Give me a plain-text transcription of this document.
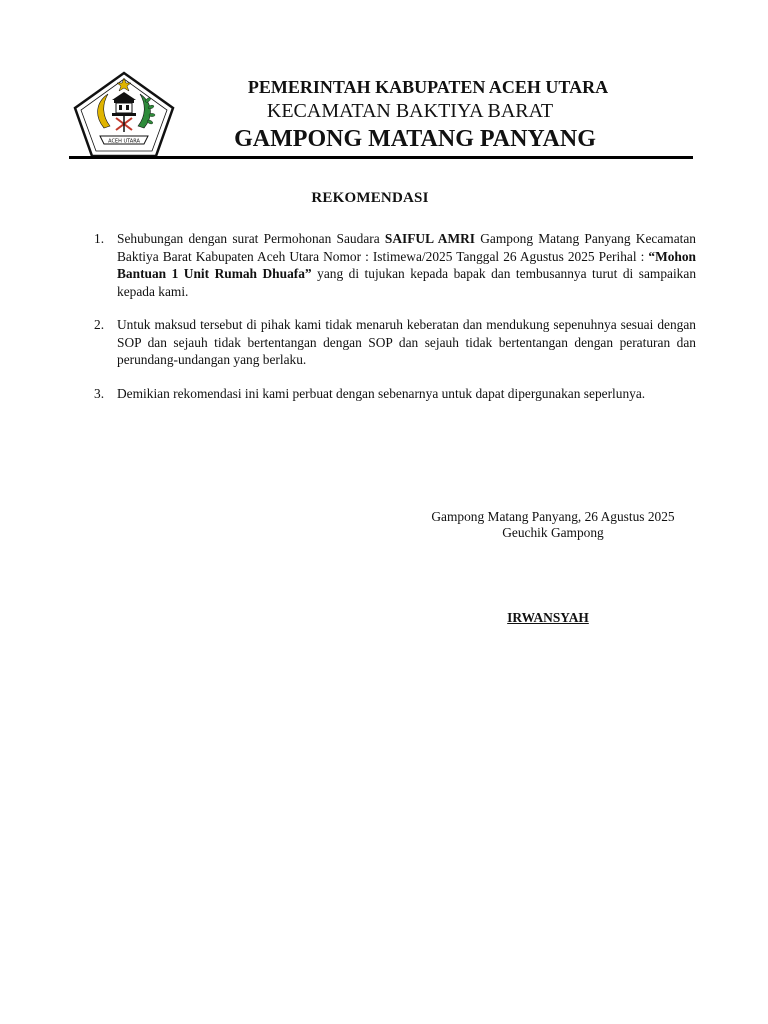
ACEH UTARA
PEMERINTAH KABUPATEN ACEH UTARA
KECAMATAN BAKTIYA BARAT
GAMPONG MATANG PANYANG
REKOMENDASI
1. Sehubungan dengan surat Permohonan Saudara SAIFUL AMRI Gampong Matang Panyang Kecamatan Baktiya Barat Kabupaten Aceh Utara Nomor : Istimewa/2025 Tanggal 26 Agustus 2025 Perihal : “Mohon Bantuan 1 Unit Rumah Dhuafa” yang di tujukan kepada bapak dan tembusannya turut di sampaikan kepada kami.
2. Untuk maksud tersebut di pihak kami tidak menaruh keberatan dan mendukung sepenuhnya sesuai dengan SOP dan sejauh tidak bertentangan dengan SOP dan sejauh tidak bertentangan dengan peraturan dan perundang-undangan yang berlaku.
3. Demikian rekomendasi ini kami perbuat dengan sebenarnya untuk dapat dipergunakan seperlunya.
Gampong Matang Panyang, 26 Agustus 2025
Geuchik Gampong
IRWANSYAH
